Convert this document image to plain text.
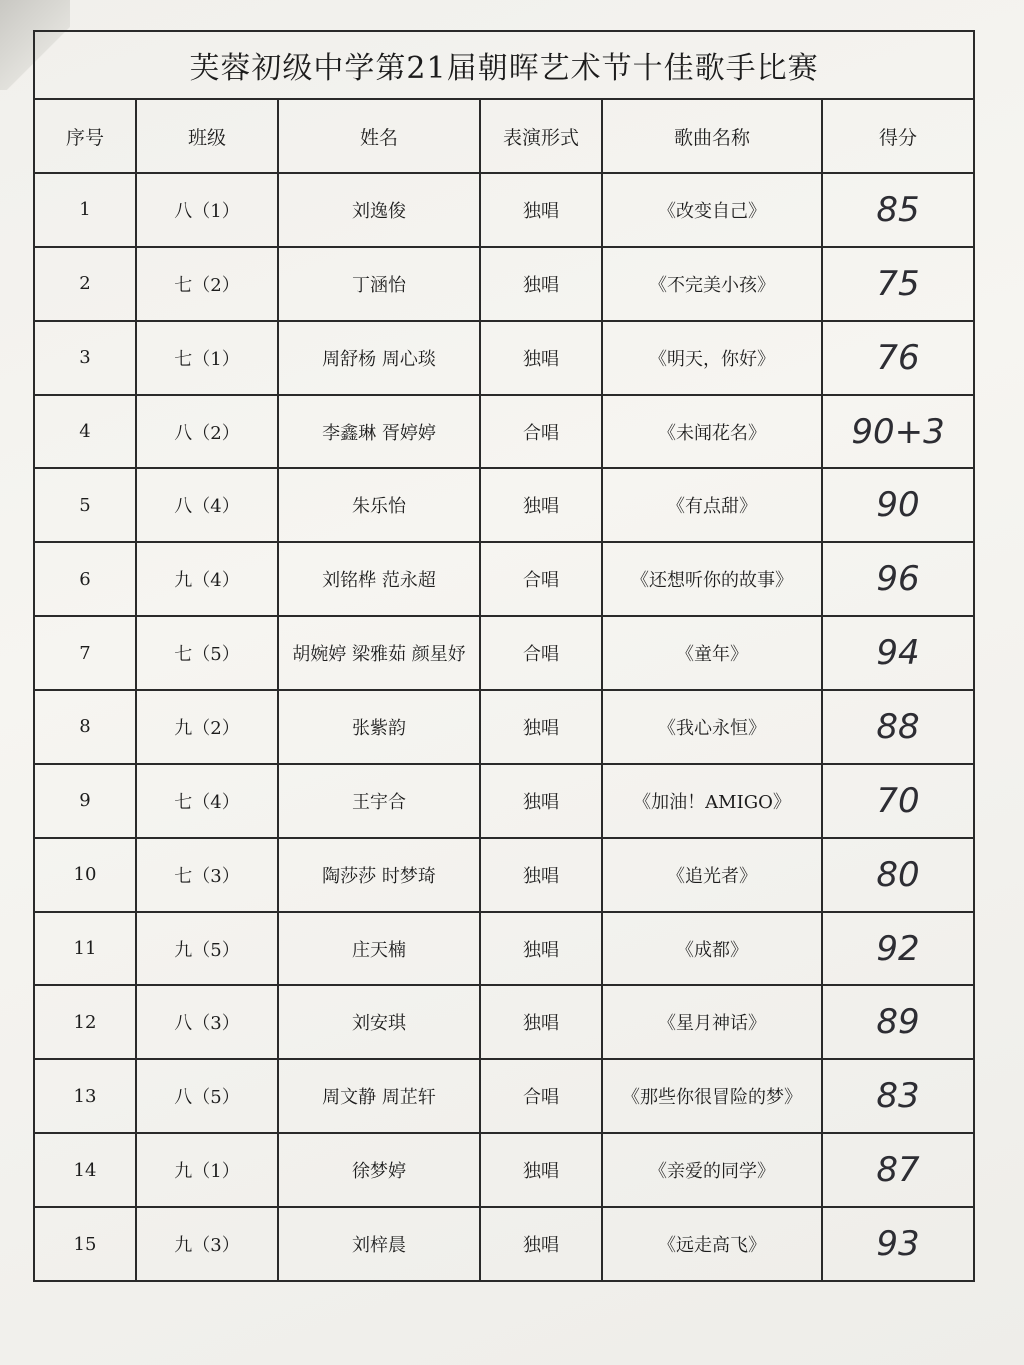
芙蓉初级中学第21届朝晖艺术节十佳歌手比赛					
序号	班级	姓名	表演形式	歌曲名称	得分
1	八（1）	刘逸俊	独唱	《改变自己》	85
2	七（2）	丁涵怡	独唱	《不完美小孩》	75
3	七（1）	周舒杨 周心琰	独唱	《明天，你好》	76
4	八（2）	李鑫琳 胥婷婷	合唱	《未闻花名》	90+3
5	八（4）	朱乐怡	独唱	《有点甜》	90
6	九（4）	刘铭桦 范永超	合唱	《还想听你的故事》	96
7	七（5）	胡婉婷 梁雅茹 颜星妤	合唱	《童年》	94
8	九（2）	张紫韵	独唱	《我心永恒》	88
9	七（4）	王宇合	独唱	《加油！AMIGO》	70
10	七（3）	陶莎莎 时梦琦	独唱	《追光者》	80
11	九（5）	庄天楠	独唱	《成都》	92
12	八（3）	刘安琪	独唱	《星月神话》	89
13	八（5）	周文静 周芷轩	合唱	《那些你很冒险的梦》	83
14	九（1）	徐梦婷	独唱	《亲爱的同学》	87
15	九（3）	刘梓晨	独唱	《远走高飞》	93
